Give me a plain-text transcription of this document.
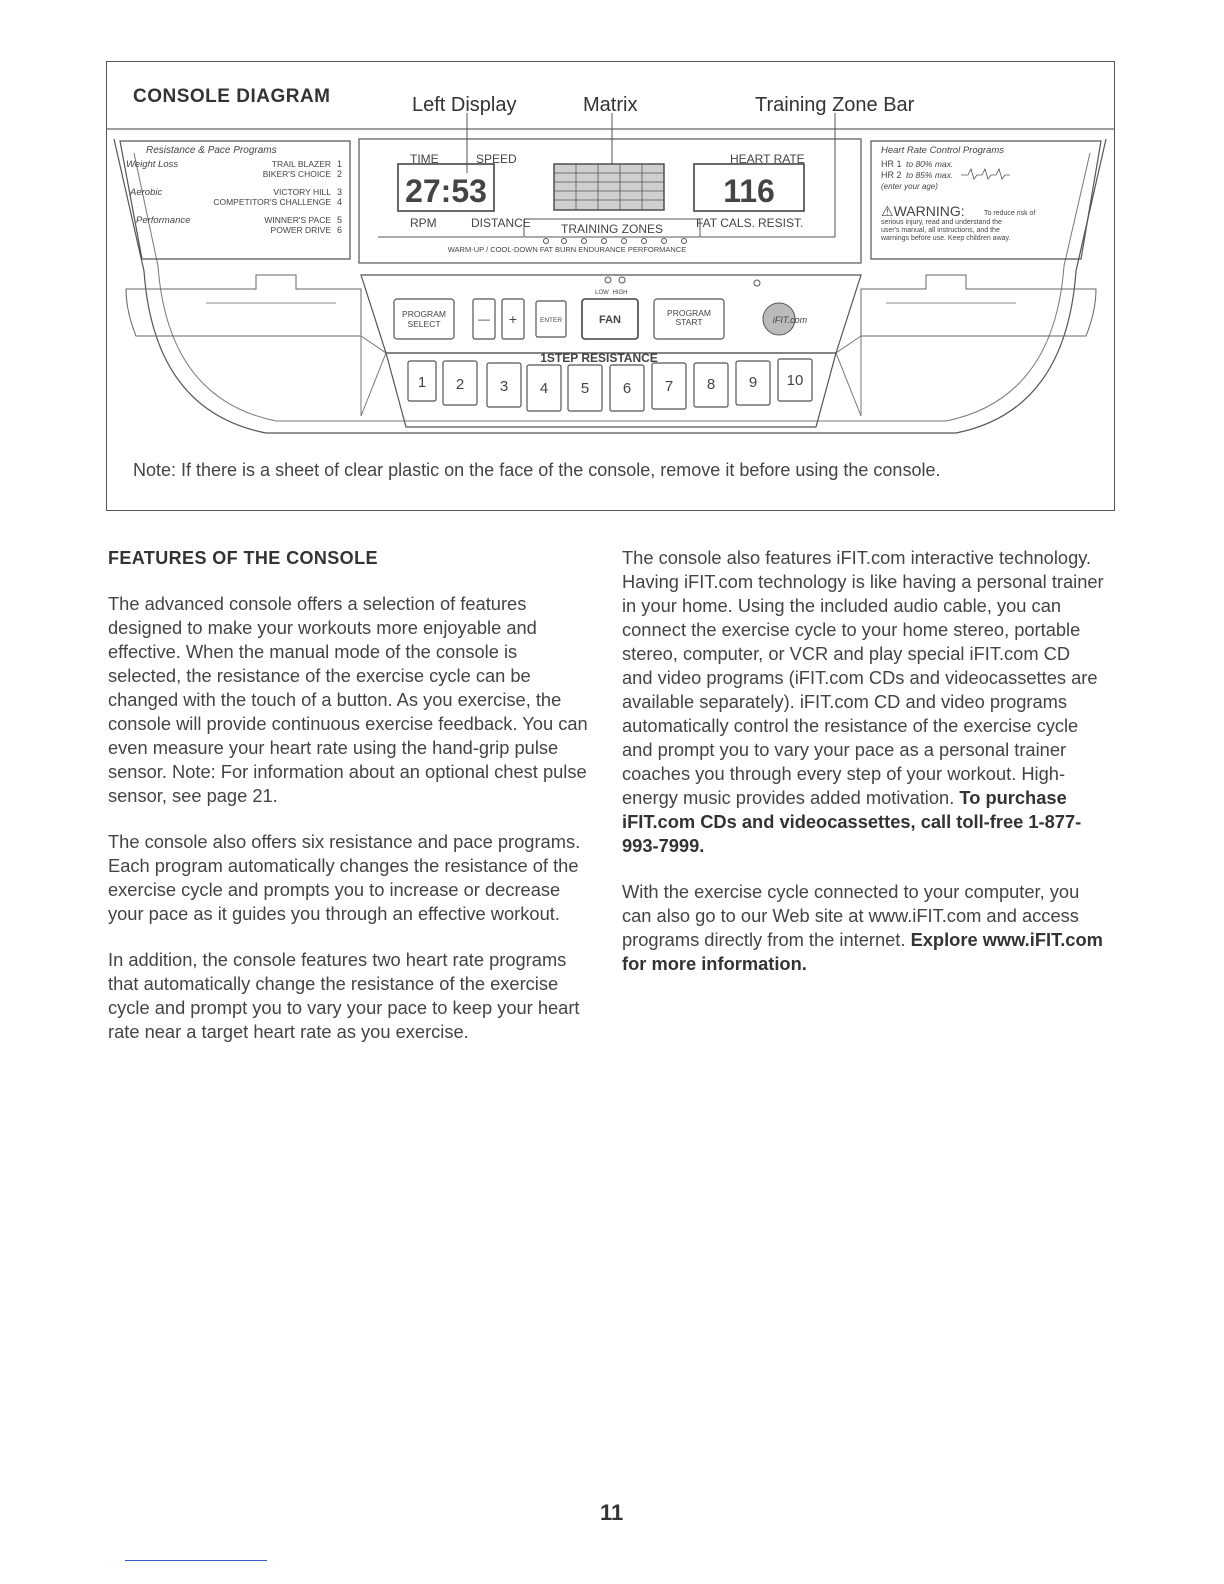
CONSOLE DIAGRAM	Left Display	Matrix	Training Zone Bar
Resistance & Pace Programs
Weight Loss	TRAIL BLAZER 1
BIKER'S CHOICE 2
Aerobic	VICTORY HILL 3
COMPETITOR'S CHALLENGE 4
Performance	WINNER'S PACE 5
POWER DRIVE 6
TIME	SPEED
27:53
RPM	DISTANCE
HEART RATE
116
FAT CALS. RESIST.
TRAINING ZONES
WARM-UP / COOL-DOWN FAT BURN ENDURANCE PERFORMANCE
Heart Rate Control Programs
HR 1 to 80% max.
HR 2 to 85% max.
(enter your age)
⚠WARNING:	To reduce risk of
serious injury, read and understand the
user's manual, all instructions, and the
warnings before use. Keep children away.
PROGRAM
SELECT	— +	ENTER	FAN
LOW HIGH
PROGRAM
START	iFIT.com
1STEP RESISTANCE
1 2 3 4 5 6 7 8 9 10
Note: If there is a sheet of clear plastic on the face of the console, remove it before using the console.
FEATURES OF THE CONSOLE

The advanced console offers a selection of features designed to make your workouts more enjoyable and effective. When the manual mode of the console is selected, the resistance of the exercise cycle can be changed with the touch of a button. As you exercise, the console will provide continuous exercise feedback. You can even measure your heart rate using the hand-grip pulse sensor. Note: For information about an optional chest pulse sensor, see page 21.

The console also offers six resistance and pace programs. Each program automatically changes the resistance of the exercise cycle and prompts you to increase or decrease your pace as it guides you through an effective workout.

In addition, the console features two heart rate programs that automatically change the resistance of the exercise cycle and prompt you to vary your pace to keep your heart rate near a target heart rate as you exercise.

The console also features iFIT.com interactive technology. Having iFIT.com technology is like having a personal trainer in your home. Using the included audio cable, you can connect the exercise cycle to your home stereo, portable stereo, computer, or VCR and play special iFIT.com CD and video programs (iFIT.com CDs and videocassettes are available separately). iFIT.com CD and video programs automatically control the resistance of the exercise cycle and prompt you to vary your pace as a personal trainer coaches you through every step of your workout. High-energy music provides added motivation. To purchase iFIT.com CDs and videocassettes, call toll-free 1-877-993-7999.

With the exercise cycle connected to your computer, you can also go to our Web site at www.iFIT.com and access programs directly from the internet. Explore www.iFIT.com for more information.

11
